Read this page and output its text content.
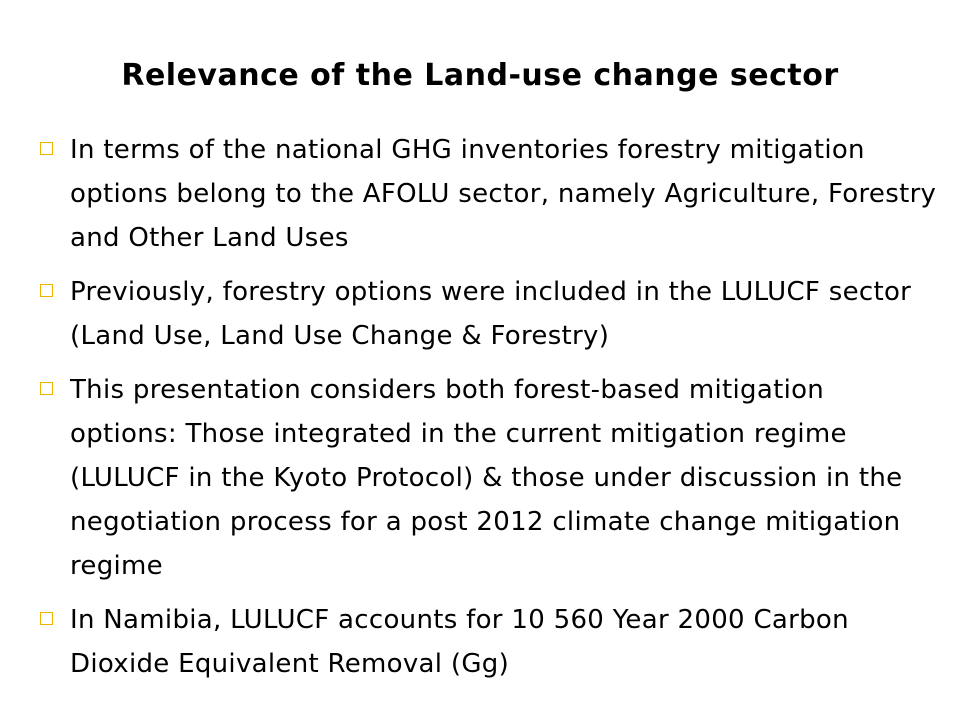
Relevance of the Land-use change sector
In terms of the national GHG inventories forestry mitigation options belong to the AFOLU sector, namely Agriculture, Forestry and Other Land Uses
Previously, forestry options were included in the LULUCF sector (Land Use, Land Use Change & Forestry)
This presentation considers both forest-based mitigation options: Those integrated in the current mitigation regime (LULUCF in the Kyoto Protocol) & those under discussion in the negotiation process for a post 2012 climate change mitigation regime
In Namibia, LULUCF accounts for 10 560 Year 2000 Carbon Dioxide Equivalent Removal (Gg)
